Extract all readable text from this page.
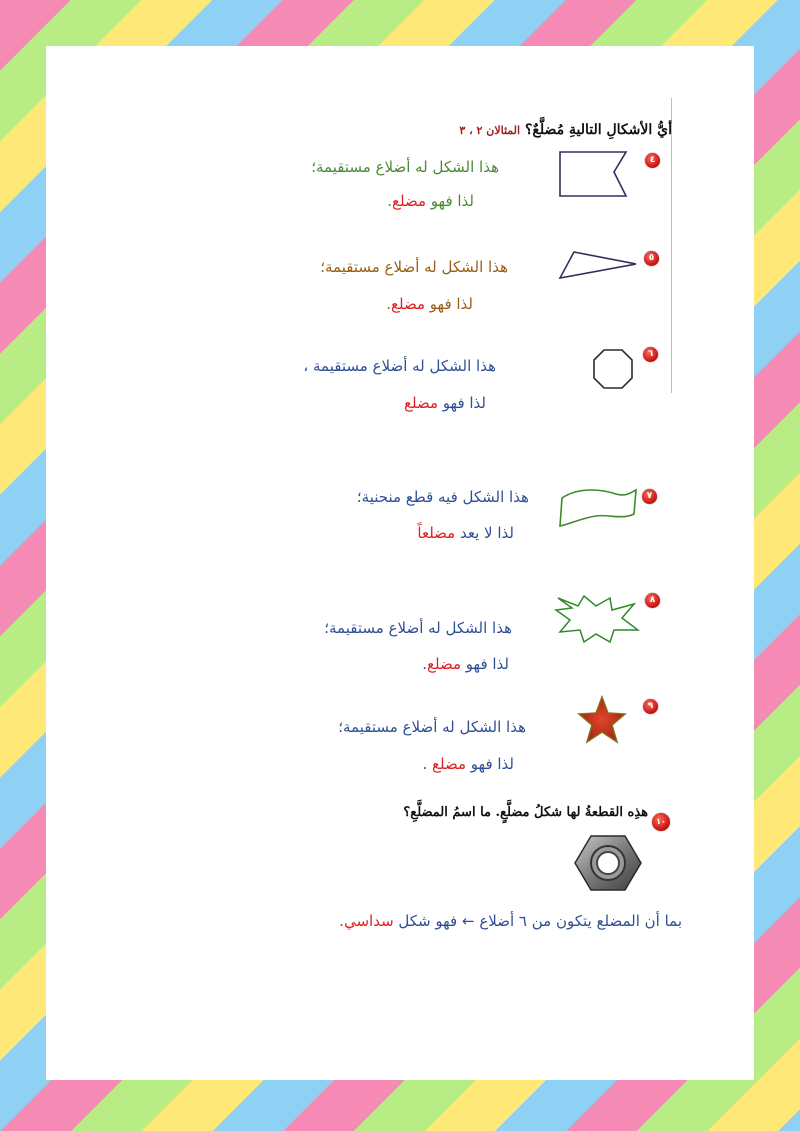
أيُّ الأشكالِ التاليةِ مُضلَّعٌ؟ المثالان ٢ ، ٣
٤
هذا الشكل له أضلاع مستقيمة؛
لذا فهو مضلع.
٥
هذا الشكل له أضلاع مستقيمة؛
لذا فهو مضلع.
٦
هذا الشكل له أضلاع مستقيمة ،
لذا فهو مضلع
٧
هذا الشكل فيه قطع منحنية؛
لذا لا يعد مضلعاً
٨
هذا الشكل له أضلاع مستقيمة؛
لذا فهو مضلع.
٩
هذا الشكل له أضلاع مستقيمة؛
لذا فهو مضلع .
١٠
هذِه القطعةُ لها شكلُ مضلَّعٍ. ما اسمُ المضلَّعِ؟
بما أن المضلع يتكون من ٦ أضلاع ← فهو شكل سداسي.
